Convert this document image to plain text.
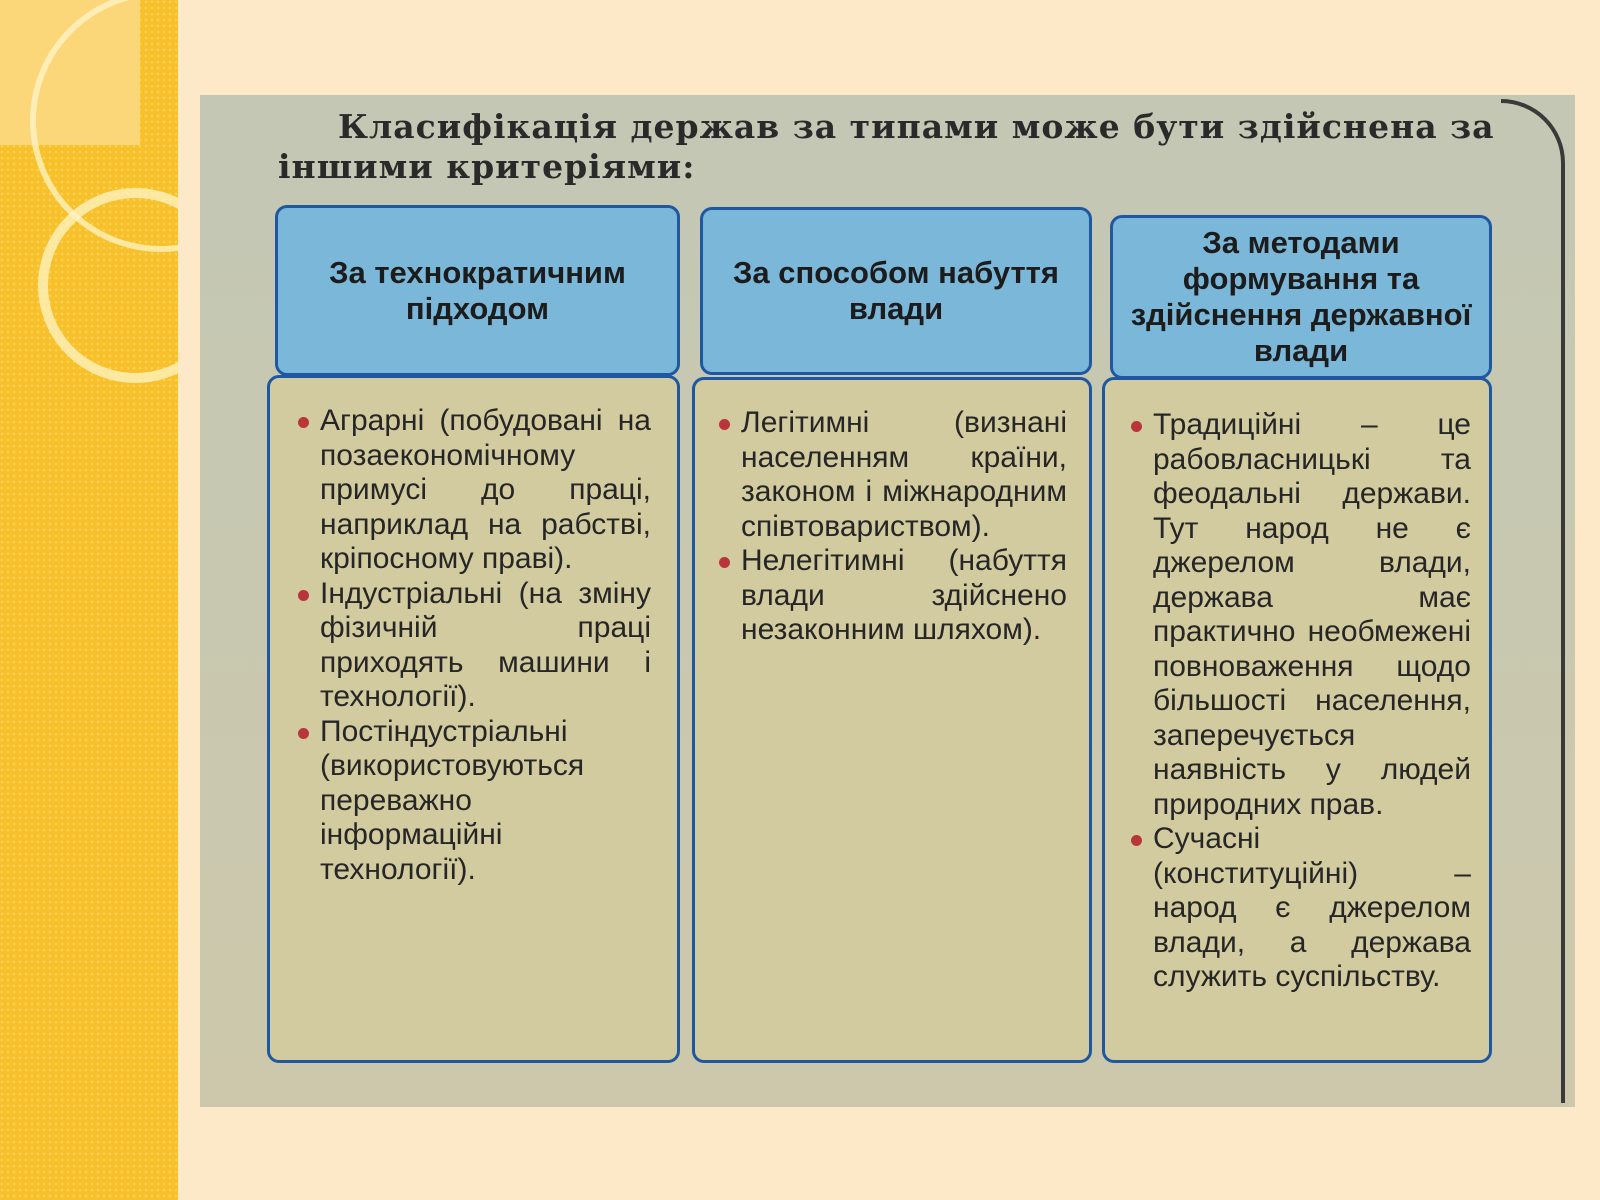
Класифікація держав за типами може бути здійснена за
іншими критеріями:
За технократичним підходом
Аграрні (побудовані на позаекономічному примусі до праці, наприклад на рабстві, кріпосному праві).
Індустріальні (на зміну фізичній праці приходять машини і технології).
Постіндустріальні (використовуються переважно інформаційні технології).
За способом набуття влади
Легітимні (визнані населенням країни, законом і міжнародним співтовариством).
Нелегітимні (набуття влади здійснено незаконним шляхом).
За методами формування та здійснення державної влади
Традиційні – це рабовласницькі та феодальні держави. Тут народ не є джерелом влади, держава має практично необмежені повноваження щодо більшості населення, заперечується наявність у людей природних прав.
Сучасні (конституційні) – народ є джерелом влади, а держава служить суспільству.
